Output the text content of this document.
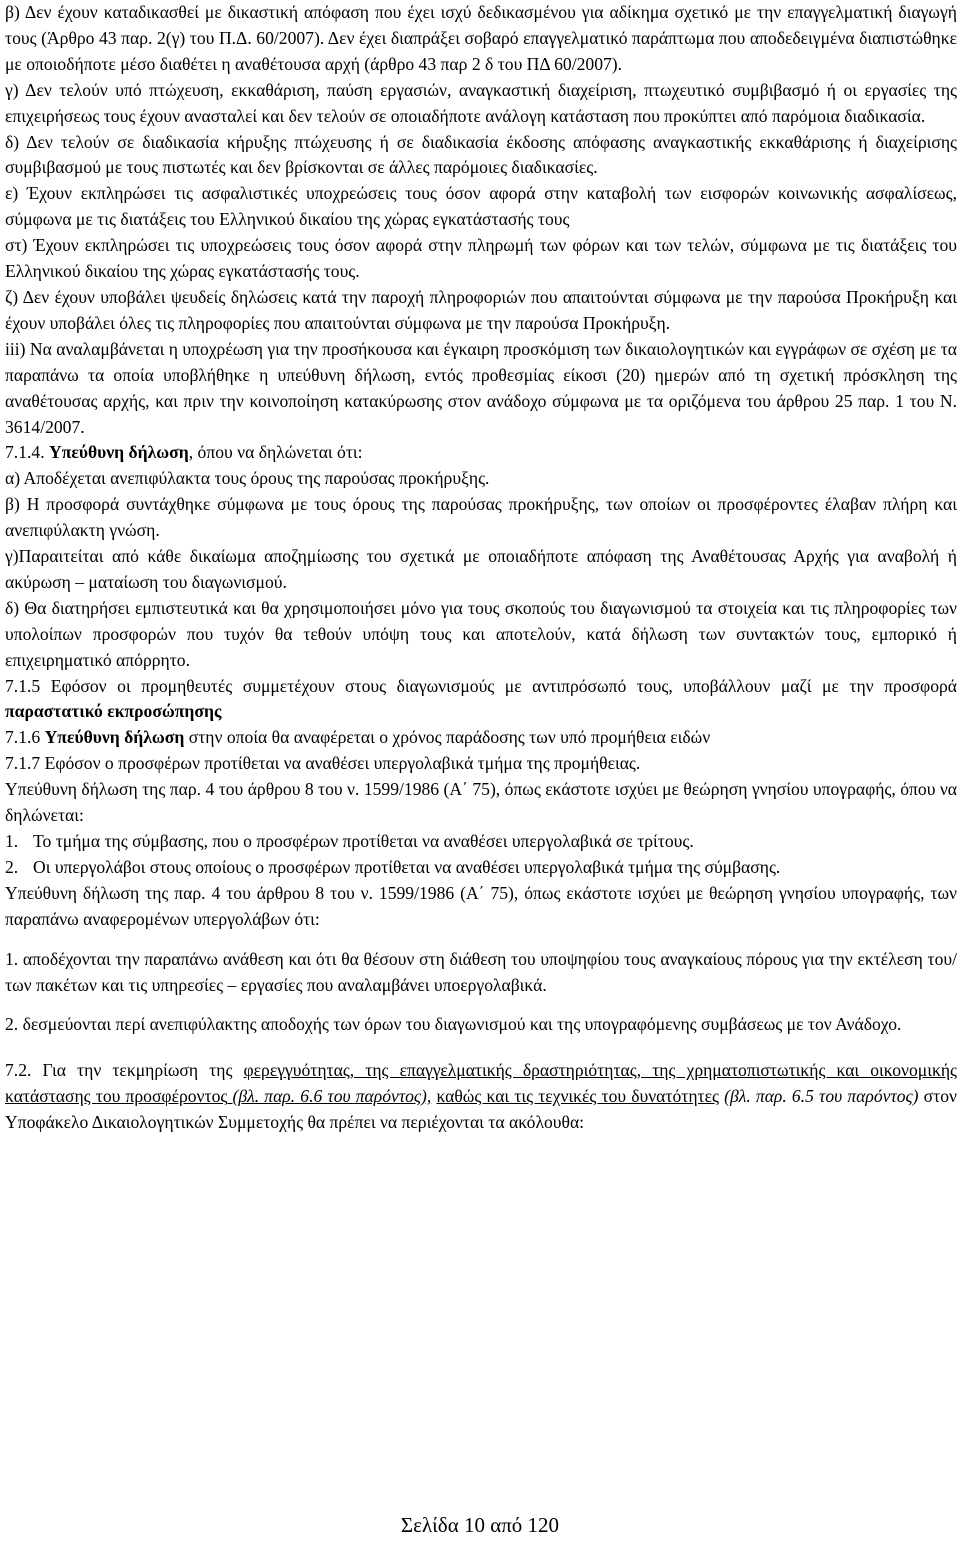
β) Δεν έχουν καταδικασθεί με δικαστική απόφαση που έχει ισχύ δεδικασμένου για αδίκημα σχετικό με την επαγγελματική διαγωγή τους (Άρθρο 43 παρ. 2(γ) του Π.Δ. 60/2007). Δεν έχει διαπράξει σοβαρό επαγγελματικό παράπτωμα που αποδεδειγμένα διαπιστώθηκε με οποιοδήποτε μέσο διαθέτει η αναθέτουσα αρχή (άρθρο 43 παρ 2 δ του ΠΔ 60/2007).

γ) Δεν τελούν υπό πτώχευση, εκκαθάριση, παύση εργασιών, αναγκαστική διαχείριση, πτωχευτικό συμβιβασμό ή οι εργασίες της επιχειρήσεως τους έχουν ανασταλεί και δεν τελούν σε οποιαδήποτε ανάλογη κατάσταση που προκύπτει από παρόμοια διαδικασία.

δ) Δεν τελούν σε διαδικασία κήρυξης πτώχευσης ή σε διαδικασία έκδοσης απόφασης αναγκαστικής εκκαθάρισης ή διαχείρισης συμβιβασμού με τους πιστωτές και δεν βρίσκονται σε άλλες παρόμοιες διαδικασίες.

ε) Έχουν εκπληρώσει τις ασφαλιστικές υποχρεώσεις τους όσον αφορά στην καταβολή των εισφορών κοινωνικής ασφαλίσεως, σύμφωνα με τις διατάξεις του Ελληνικού δικαίου της χώρας εγκατάστασής τους

στ) Έχουν εκπληρώσει τις υποχρεώσεις τους όσον αφορά στην πληρωμή των φόρων και των τελών, σύμφωνα με τις διατάξεις του Ελληνικού δικαίου της χώρας εγκατάστασής τους.

ζ) Δεν έχουν υποβάλει ψευδείς δηλώσεις κατά την παροχή πληροφοριών που απαιτούνται σύμφωνα με την παρούσα Προκήρυξη και έχουν υποβάλει όλες τις πληροφορίες που απαιτούνται σύμφωνα με την παρούσα Προκήρυξη.

iii) Να αναλαμβάνεται η υποχρέωση για την προσήκουσα και έγκαιρη προσκόμιση των δικαιολογητικών και εγγράφων σε σχέση με τα παραπάνω τα οποία υποβλήθηκε η υπεύθυνη δήλωση, εντός προθεσμίας είκοσι (20) ημερών από τη σχετική πρόσκληση της αναθέτουσας αρχής, και πριν την κοινοποίηση κατακύρωσης στον ανάδοχο σύμφωνα με τα οριζόμενα του άρθρου 25 παρ. 1 του Ν. 3614/2007.

7.1.4. Υπεύθυνη δήλωση, όπου να δηλώνεται ότι:

α) Αποδέχεται ανεπιφύλακτα τους όρους της παρούσας προκήρυξης.

β) Η προσφορά συντάχθηκε σύμφωνα με τους όρους της παρούσας προκήρυξης, των οποίων οι προσφέροντες έλαβαν πλήρη και ανεπιφύλακτη γνώση.

γ)Παραιτείται από κάθε δικαίωμα αποζημίωσης του σχετικά με οποιαδήποτε απόφαση της Αναθέτουσας Αρχής για αναβολή ή ακύρωση – ματαίωση του διαγωνισμού.

δ) Θα διατηρήσει εμπιστευτικά και θα χρησιμοποιήσει μόνο για τους σκοπούς του διαγωνισμού τα στοιχεία και τις πληροφορίες των υπολοίπων προσφορών που τυχόν θα τεθούν υπόψη τους και αποτελούν, κατά δήλωση των συντακτών τους, εμπορικό ή επιχειρηματικό απόρρητο.

7.1.5 Εφόσον οι προμηθευτές συμμετέχουν στους διαγωνισμούς με αντιπρόσωπό τους, υποβάλλουν μαζί με την προσφορά παραστατικό εκπροσώπησης

7.1.6 Υπεύθυνη δήλωση στην οποία θα αναφέρεται ο χρόνος παράδοσης των υπό προμήθεια ειδών

7.1.7 Εφόσον ο προσφέρων προτίθεται να αναθέσει υπεργολαβικά τμήμα της προμήθειας.

Υπεύθυνη δήλωση της παρ. 4 του άρθρου 8 του ν. 1599/1986 (Α΄ 75), όπως εκάστοτε ισχύει με θεώρηση γνησίου υπογραφής, όπου να δηλώνεται:

1. Το τμήμα της σύμβασης, που ο προσφέρων προτίθεται να αναθέσει υπεργολαβικά σε τρίτους.

2. Οι υπεργολάβοι στους οποίους ο προσφέρων προτίθεται να αναθέσει υπεργολαβικά τμήμα της σύμβασης.

Υπεύθυνη δήλωση της παρ. 4 του άρθρου 8 του ν. 1599/1986 (Α΄ 75), όπως εκάστοτε ισχύει με θεώρηση γνησίου υπογραφής, των παραπάνω αναφερομένων υπεργολάβων ότι:

1. αποδέχονται την παραπάνω ανάθεση και ότι θα θέσουν στη διάθεση του υποψηφίου τους αναγκαίους πόρους για την εκτέλεση του/ των πακέτων και τις υπηρεσίες – εργασίες που αναλαμβάνει υποεργολαβικά.

2. δεσμεύονται περί ανεπιφύλακτης αποδοχής των όρων του διαγωνισμού και της υπογραφόμενης συμβάσεως με τον Ανάδοχο.

7.2. Για την τεκμηρίωση της φερεγγυότητας, της επαγγελματικής δραστηριότητας, της χρηματοπιστωτικής και οικονομικής κατάστασης του προσφέροντος (βλ. παρ. 6.6 του παρόντος), καθώς και τις τεχνικές του δυνατότητες (βλ. παρ. 6.5 του παρόντος) στον Υποφάκελο Δικαιολογητικών Συμμετοχής θα πρέπει να περιέχονται τα ακόλουθα:

Σελίδα 10 από 120
